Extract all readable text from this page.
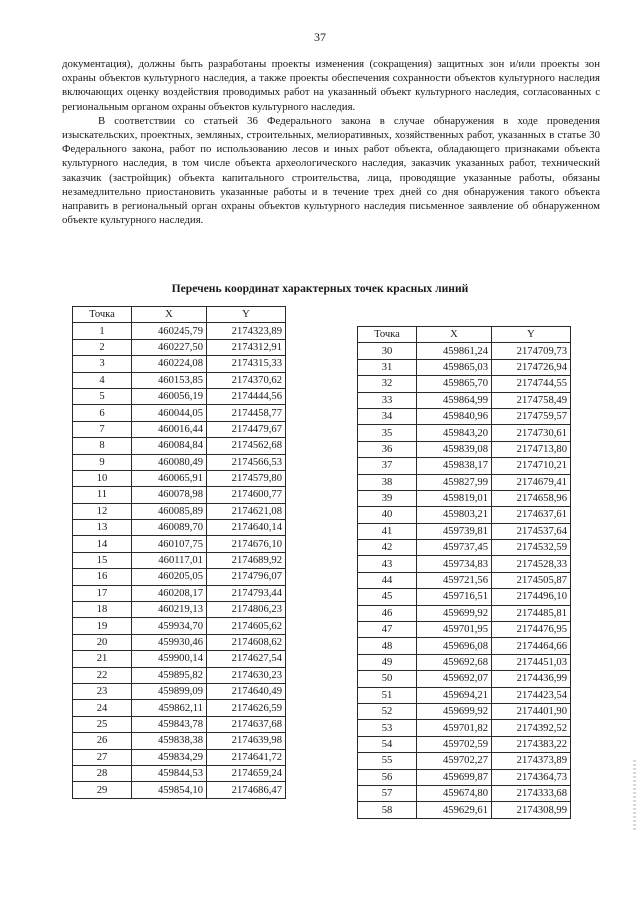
37

документация), должны быть разработаны проекты изменения (сокращения) защитных зон и/или проекты зон охраны объектов культурного наследия, а также проекты обеспечения сохранности объектов культурного наследия включающих оценку воздействия проводимых работ на указанный объект культурного наследия, согласованных с региональным органом охраны объектов культурного наследия.

В соответствии со статьей 36 Федерального закона в случае обнаружения в ходе проведения изыскательских, проектных, земляных, строительных, мелиоративных, хозяйственных работ, указанных в статье 30 Федерального закона, работ по использованию лесов и иных работ объекта, обладающего признаками объекта культурного наследия, в том числе объекта археологического наследия, заказчик указанных работ, технический заказчик (застройщик) объекта капитального строительства, лица, проводящие указанные работы, обязаны незамедлительно приостановить указанные работы и в течение трех дней со дня обнаружения такого объекта направить в региональный орган охраны объектов культурного наследия письменное заявление об обнаруженном объекте культурного наследия.

Перечень координат характерных точек красных линий
Точка	X	Y
1	460245,79	2174323,89
2	460227,50	2174312,91
3	460224,08	2174315,33
4	460153,85	2174370,62
5	460056,19	2174444,56
6	460044,05	2174458,77
7	460016,44	2174479,67
8	460084,84	2174562,68
9	460080,49	2174566,53
10	460065,91	2174579,80
11	460078,98	2174600,77
12	460085,89	2174621,08
13	460089,70	2174640,14
14	460107,75	2174676,10
15	460117,01	2174689,92
16	460205,05	2174796,07
17	460208,17	2174793,44
18	460219,13	2174806,23
19	459934,70	2174605,62
20	459930,46	2174608,62
21	459900,14	2174627,54
22	459895,82	2174630,23
23	459899,09	2174640,49
24	459862,11	2174626,59
25	459843,78	2174637,68
26	459838,38	2174639,98
27	459834,29	2174641,72
28	459844,53	2174659,24
29	459854,10	2174686,47
Точка	X	Y
30	459861,24	2174709,73
31	459865,03	2174726,94
32	459865,70	2174744,55
33	459864,99	2174758,49
34	459840,96	2174759,57
35	459843,20	2174730,61
36	459839,08	2174713,80
37	459838,17	2174710,21
38	459827,99	2174679,41
39	459819,01	2174658,96
40	459803,21	2174637,61
41	459739,81	2174537,64
42	459737,45	2174532,59
43	459734,83	2174528,33
44	459721,56	2174505,87
45	459716,51	2174496,10
46	459699,92	2174485,81
47	459701,95	2174476,95
48	459696,08	2174464,66
49	459692,68	2174451,03
50	459692,07	2174436,99
51	459694,21	2174423,54
52	459699,92	2174401,90
53	459701,82	2174392,52
54	459702,59	2174383,22
55	459702,27	2174373,89
56	459699,87	2174364,73
57	459674,80	2174333,68
58	459629,61	2174308,99
